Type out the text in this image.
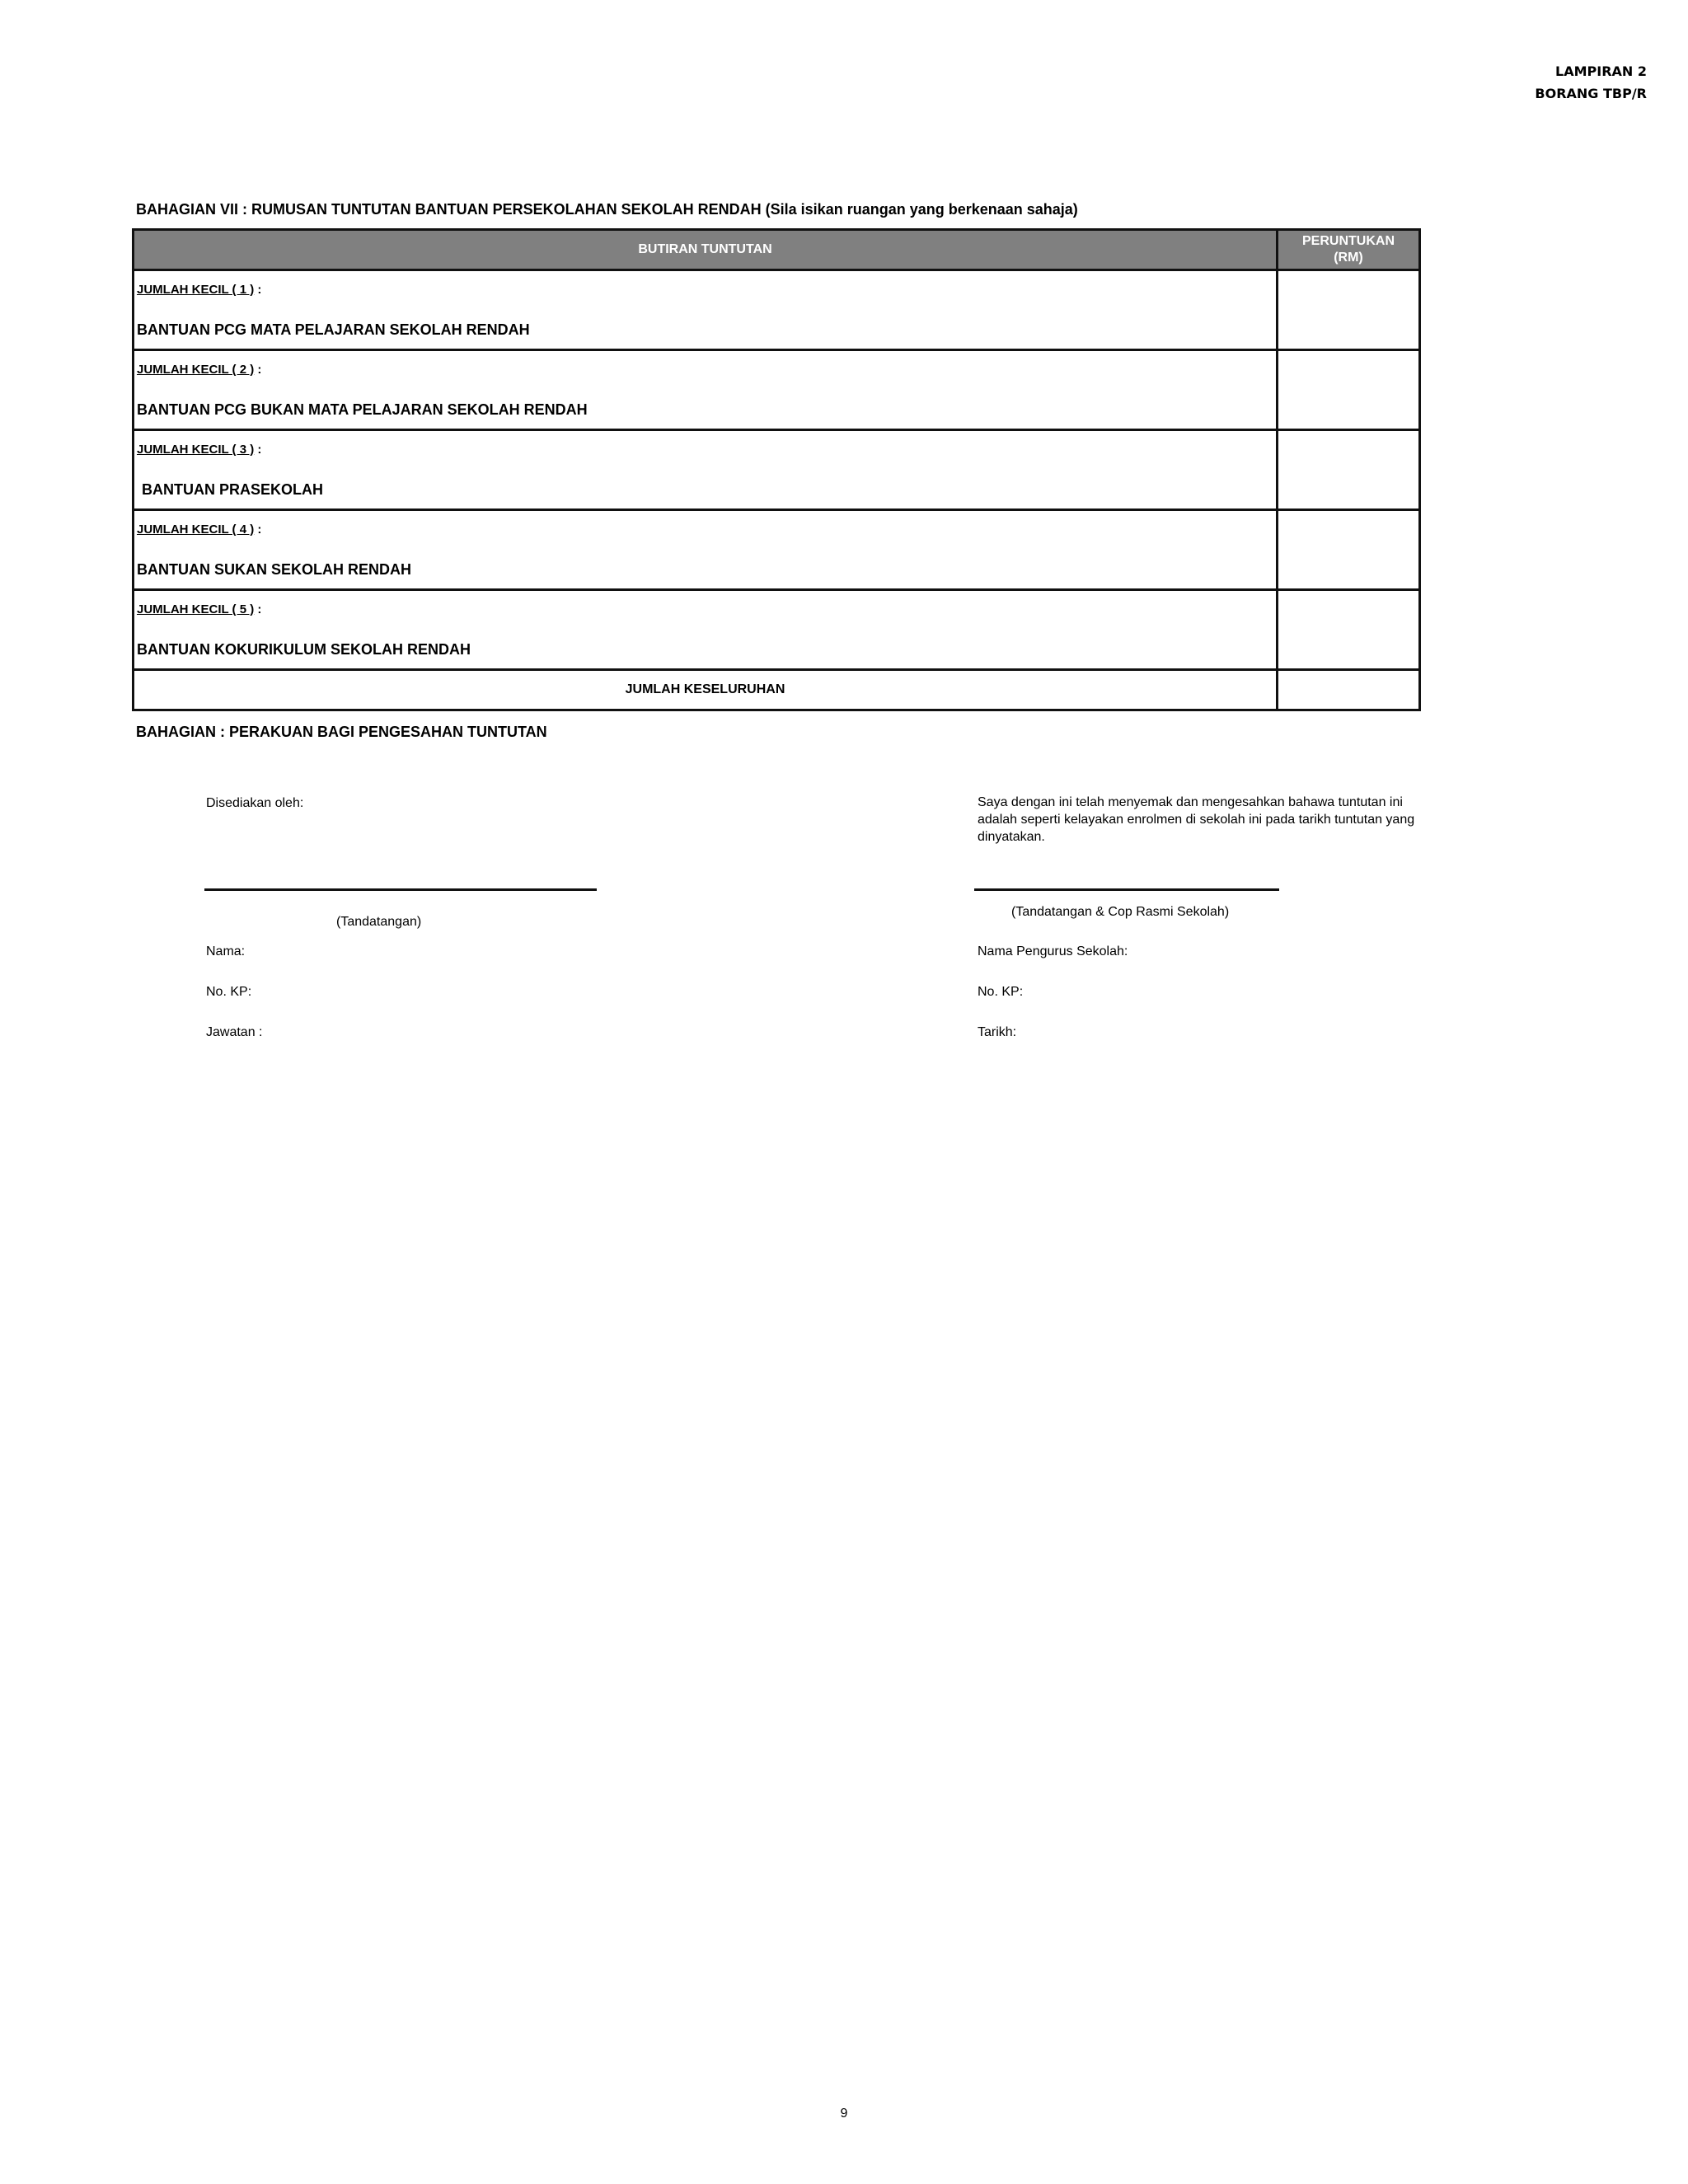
LAMPIRAN 2
BORANG TBP/R
BAHAGIAN VII : RUMUSAN TUNTUTAN BANTUAN PERSEKOLAHAN SEKOLAH RENDAH (Sila isikan ruangan yang berkenaan sahaja)
BUTIRAN TUNTUTAN	PERUNTUKAN
(RM)

JUMLAH KECIL ( 1 ) :
BANTUAN PCG MATA PELAJARAN SEKOLAH RENDAH	

JUMLAH KECIL ( 2 ) :
BANTUAN PCG BUKAN MATA PELAJARAN SEKOLAH RENDAH	

JUMLAH KECIL ( 3 ) :
BANTUAN PRASEKOLAH	

JUMLAH KECIL ( 4 ) :
BANTUAN SUKAN SEKOLAH RENDAH	

JUMLAH KECIL ( 5 ) :
BANTUAN KOKURIKULUM SEKOLAH RENDAH	

JUMLAH KESELURUHAN	
BAHAGIAN : PERAKUAN BAGI PENGESAHAN TUNTUTAN
Disediakan oleh:
(Tandatangan)
Nama:
No. KP:
Jawatan :
Saya dengan ini telah menyemak dan mengesahkan bahawa tuntutan ini adalah seperti kelayakan enrolmen di sekolah ini pada tarikh tuntutan yang dinyatakan.
(Tandatangan & Cop Rasmi Sekolah)
Nama Pengurus Sekolah:
No. KP:
Tarikh:
9
